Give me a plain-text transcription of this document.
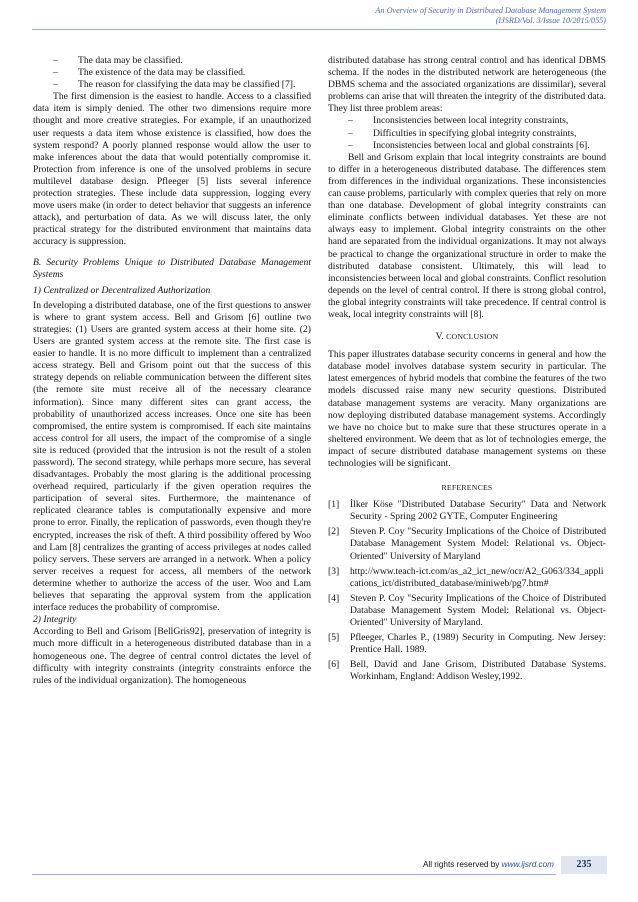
An Overview of Security in Distributed Database Management System
(IJSRD/Vol. 3/Issue 10/2015/055)

– The data may be classified.

– The existence of the data may be classified.

– The reason for classifying the data may be classified [7].

The first dimension is the easiest to handle. Access to a classified data item is simply denied. The other two dimensions require more thought and more creative strategies. For example, if an unauthorized user requests a data item whose existence is classified, how does the system respond? A poorly planned response would allow the user to make inferences about the data that would potentially compromise it. Protection from inference is one of the unsolved problems in secure multilevel database design. Pfleeger [5] lists several inference protection strategies. These include data suppression, logging every move users make (in order to detect behavior that suggests an inference attack), and perturbation of data. As we will discuss later, the only practical strategy for the distributed environment that maintains data accuracy is suppression.

B. Security Problems Unique to Distributed Database Management Systems

1) Centralized or Decentralized Authorization

In developing a distributed database, one of the first questions to answer is where to grant system access. Bell and Grisom [6] outline two strategies: (1) Users are granted system access at their home site. (2) Users are granted system access at the remote site. The first case is easier to handle. It is no more difficult to implement than a centralized access strategy. Bell and Grisom point out that the success of this strategy depends on reliable communication between the different sites (the remote site must receive all of the necessary clearance information). Since many different sites can grant access, the probability of unauthorized access increases. Once one site has been compromised, the entire system is compromised. If each site maintains access control for all users, the impact of the compromise of a single site is reduced (provided that the intrusion is not the result of a stolen password). The second strategy, while perhaps more secure, has several disadvantages. Probably the most glaring is the additional processing overhead required, particularly if the given operation requires the participation of several sites. Furthermore, the maintenance of replicated clearance tables is computationally expensive and more prone to error. Finally, the replication of passwords, even though they're encrypted, increases the risk of theft. A third possibility offered by Woo and Lam [8] centralizes the granting of access privileges at nodes called policy servers. These servers are arranged in a network. When a policy server receives a request for access, all members of the network determine whether to authorize the access of the user. Woo and Lam believes that separating the approval system from the application interface reduces the probability of compromise.

2) Integrity

According to Bell and Grisom [BellGris92], preservation of integrity is much more difficult in a heterogeneous distributed database than in a homogeneous one. The degree of central control dictates the level of difficulty with integrity constraints (integrity constraints enforce the rules of the individual organization). The homogeneous

distributed database has strong central control and has identical DBMS schema. If the nodes in the distributed network are heterogeneous (the DBMS schema and the associated organizations are dissimilar), several problems can arise that will threaten the integrity of the distributed data. They list three problem areas:

– Inconsistencies between local integrity constraints,

– Difficulties in specifying global integrity constraints,

– Inconsistencies between local and global constraints [6].

Bell and Grisom explain that local integrity constraints are bound to differ in a heterogeneous distributed database. The differences stem from differences in the individual organizations. These inconsistencies can cause problems, particularly with complex queries that rely on more than one database. Development of global integrity constraints can eliminate conflicts between individual databases. Yet these are not always easy to implement. Global integrity constraints on the other hand are separated from the individual organizations. It may not always be practical to change the organizational structure in order to make the distributed database consistent. Ultimately, this will lead to inconsistencies between local and global constraints. Conflict resolution depends on the level of central control. If there is strong global control, the global integrity constraints will take precedence. If central control is weak, local integrity constraints will [8].

V. CONCLUSION

This paper illustrates database security concerns in general and how the database model involves database system security in particular. The latest emergences of hybrid models that combine the features of the two models discussed raise many new security questions. Distributed database management systems are veracity. Many organizations are now deploying distributed database management systems. Accordingly we have no choice but to make sure that these structures operate in a sheltered environment. We deem that as lot of technologies emerge, the impact of secure distributed database management systems on these technologies will be significant.

REFERENCES

[1] İlker Köse "Distributed Database Security" Data and Network Security - Spring 2002 GYTE, Computer Engineering

[2] Steven P. Coy "Security Implications of the Choice of Distributed Database Management System Model: Relational vs. Object-Oriented" University of Maryland

[3] http://www.teach-ict.com/as_a2_ict_new/ocr/A2_G063/334_applications_ict/distributed_database/miniweb/pg7.htm#

[4] Steven P. Coy "Security Implications of the Choice of Distributed Database Management System Model: Relational vs. Object-Oriented" University of Maryland.

[5] Pfleeger, Charles P., (1989) Security in Computing. New Jersey: Prentice Hall. 1989.

[6] Bell, David and Jane Grisom, Distributed Database Systems. Workinham, England: Addison Wesley,1992.

All rights reserved by www.ijsrd.com	235
